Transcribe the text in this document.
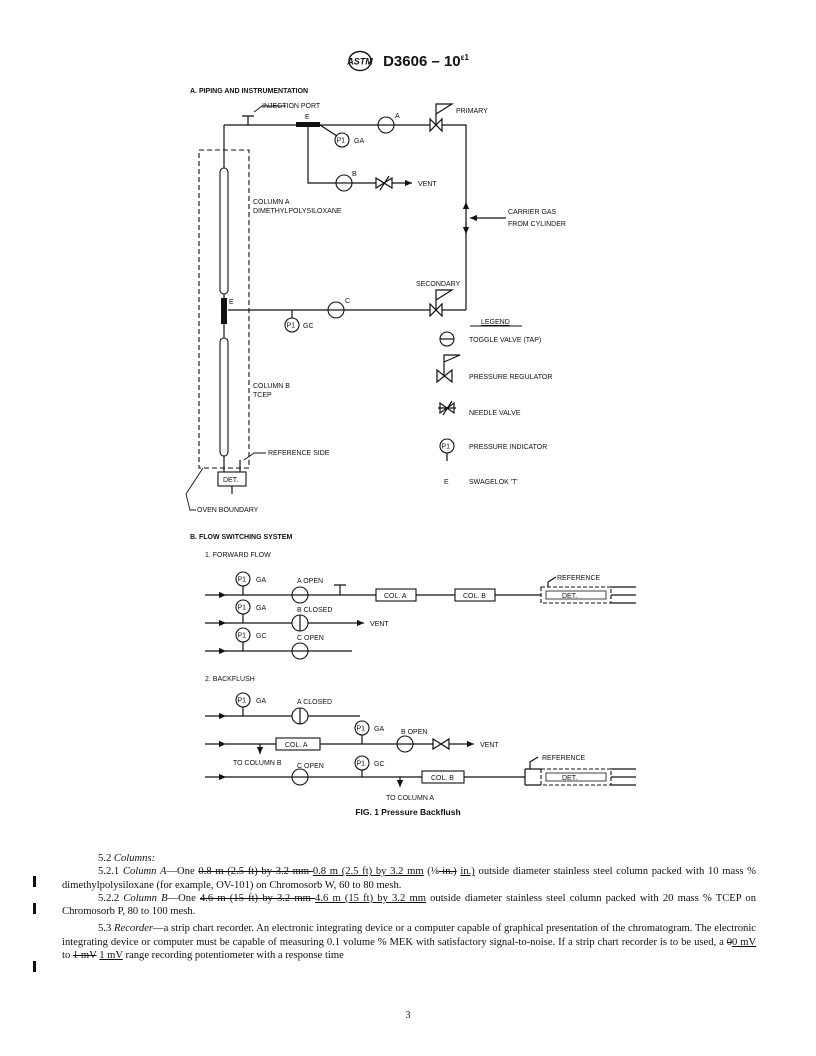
ASTM $D3606 - 10^{\varepsilon 1}$
A. PIPING AND INSTRUMENTATION
INJECTION PORT
E
VENT
P1 GA
A
B
PRIMARY
CARRIER GAS
FROM CYLINDER
SECONDARY
C
P1 GC
OVEN BOUNDARY
COLUMN A
DIMETHYLPOLYSILOXANE
E
COLUMN B
TCEP
REFERENCE SIDE
DET.
LEGEND
TOGGLE VALVE (TAP)
PRESSURE REGULATOR
NEEDLE VALVE
P1	PRESSURE INDICATOR
E	SWAGELOK 'T'
B. FLOW SWITCHING SYSTEM
1. FORWARD FLOW
P1 GA	A OPEN
COL. A	COL. B	DET.
REFERENCE
VENT
P1 GA	B CLOSED
P1 GC	C OPEN
2. BACKFLUSH
P1 GA	A CLOSED
VENT
COL. A
P1 GA B OPEN
TO COLUMN B C OPEN	P1 GC
TO COLUMN A
COL. B	DET.
REFERENCE
FIG. 1 Pressure Backflush

5.2 Columns:

5.2.1 Column A—One 0.8 m (2.5 ft) by 3.2 mm 0.8 m (2.5 ft) by 3.2 mm (⅛-in.) in.) outside diameter stainless steel column packed with 10 mass % dimethylpolysiloxane (for example, OV-101) on Chromosorb W, 60 to 80 mesh.

5.2.2 Column B—One 4.6 m (15 ft) by 3.2 mm 4.6 m (15 ft) by 3.2 mm outside diameter stainless steel column packed with 20 mass % TCEP on Chromosorb P, 80 to 100 mesh.

5.3 Recorder—a strip chart recorder. An electronic integrating device or a computer capable of graphical presentation of the chromatogram. The electronic integrating device or computer must be capable of measuring 0.1 volume % MEK with satisfactory signal-to-noise. If a strip chart recorder is to be used, a 00 mV to 1 mV 1 mV range recording potentiometer with a response time

3
